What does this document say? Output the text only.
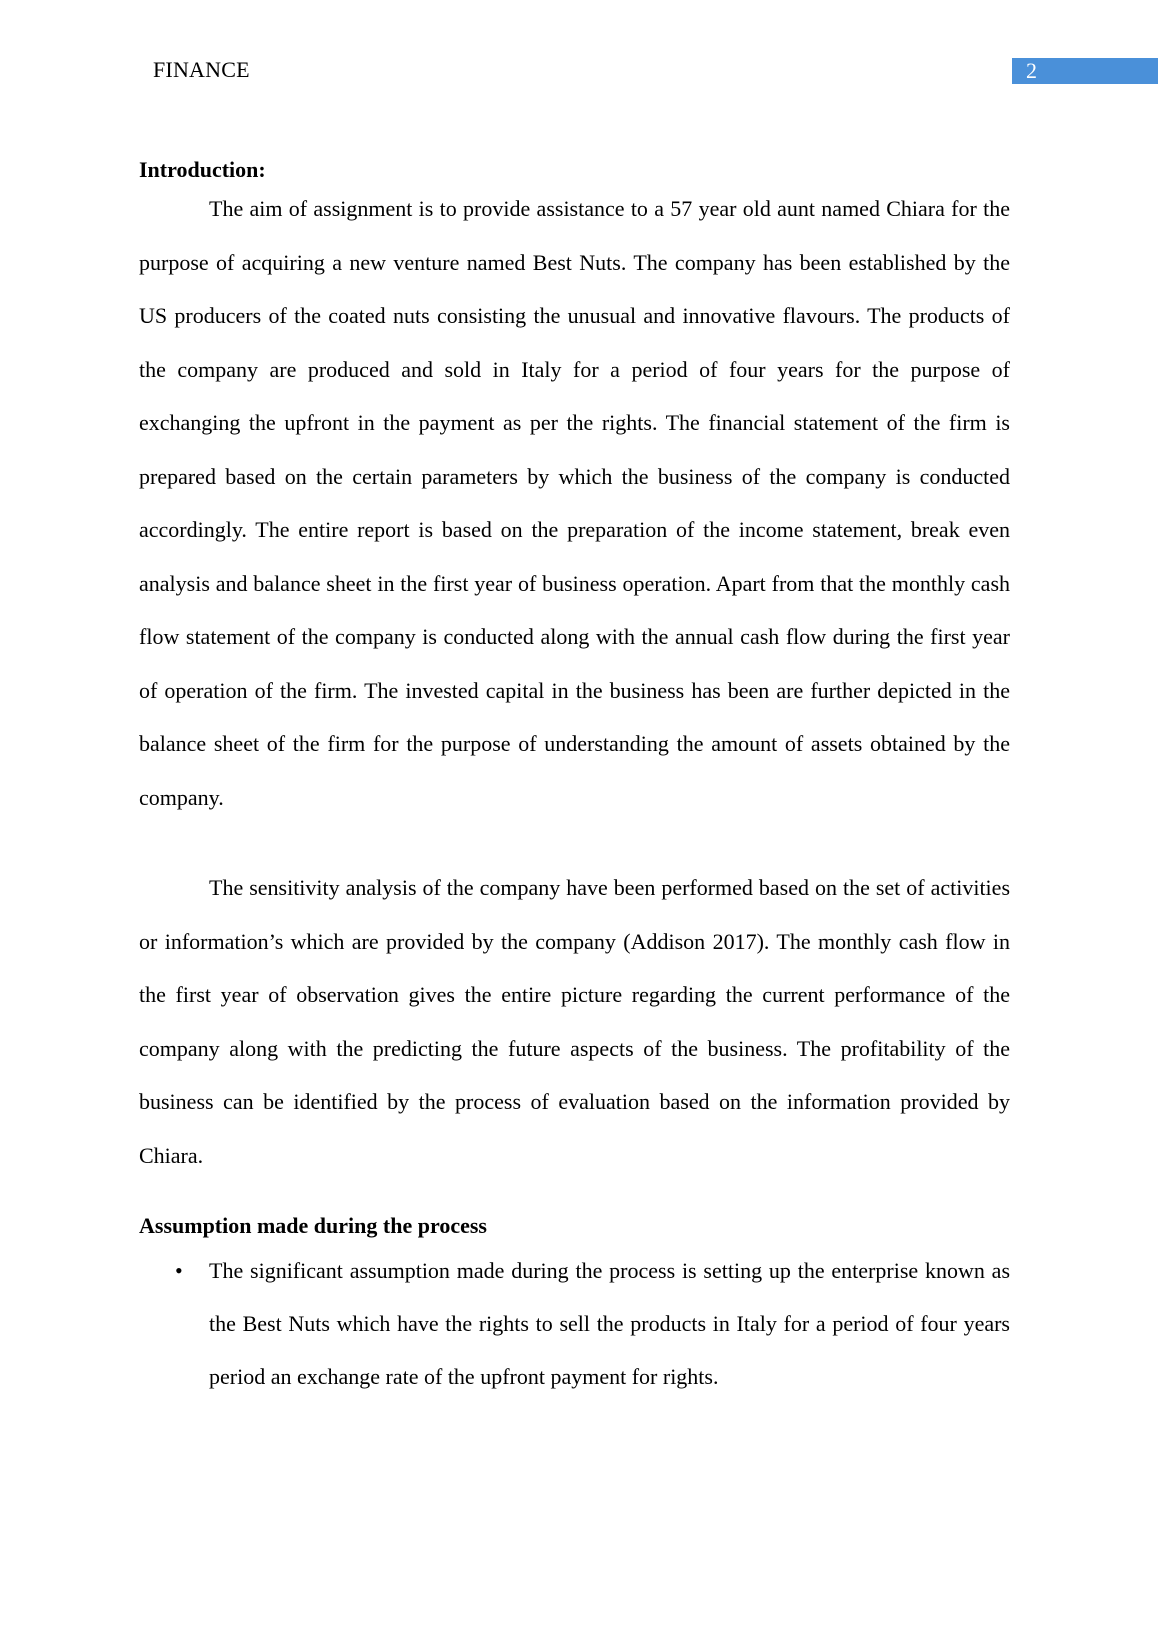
FINANCE	2
Introduction:

The aim of assignment is to provide assistance to a 57 year old aunt named Chiara for the purpose of acquiring a new venture named Best Nuts. The company has been established by the US producers of the coated nuts consisting the unusual and innovative flavours. The products of the company are produced and sold in Italy for a period of four years for the purpose of exchanging the upfront in the payment as per the rights. The financial statement of the firm is prepared based on the certain parameters by which the business of the company is conducted accordingly. The entire report is based on the preparation of the income statement, break even analysis and balance sheet in the first year of business operation. Apart from that the monthly cash flow statement of the company is conducted along with the annual cash flow during the first year of operation of the firm. The invested capital in the business has been are further depicted in the balance sheet of the firm for the purpose of understanding the amount of assets obtained by the company.

The sensitivity analysis of the company have been performed based on the set of activities or information’s which are provided by the company (Addison 2017). The monthly cash flow in the first year of observation gives the entire picture regarding the current performance of the company along with the predicting the future aspects of the business. The profitability of the business can be identified by the process of evaluation based on the information provided by Chiara.

Assumption made during the process
• The significant assumption made during the process is setting up the enterprise known as the Best Nuts which have the rights to sell the products in Italy for a period of four years period an exchange rate of the upfront payment for rights.
